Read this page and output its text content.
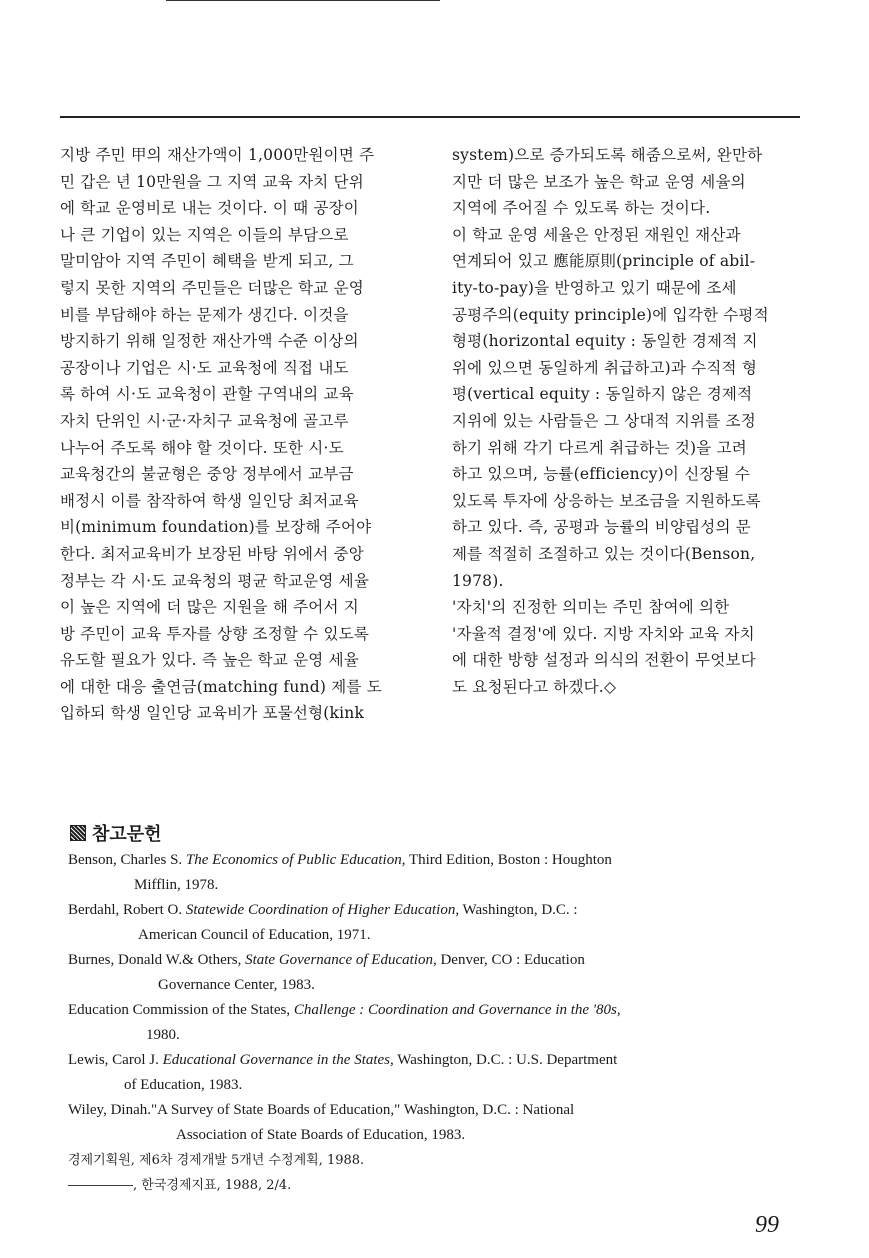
지방 주민 甲의 재산가액이 1,000만원이면 주
민 갑은 년 10만원을 그 지역 교육 자치 단위
에 학교 운영비로 내는 것이다. 이 때 공장이
나 큰 기업이 있는 지역은 이들의 부담으로
말미암아 지역 주민이 혜택을 받게 되고, 그
렇지 못한 지역의 주민들은 더많은 학교 운영
비를 부담해야 하는 문제가 생긴다. 이것을
방지하기 위해 일정한 재산가액 수준 이상의
공장이나 기업은 시·도 교육청에 직접 내도
록 하여 시·도 교육청이 관할 구역내의 교육
자치 단위인 시·군·자치구 교육청에 골고루
나누어 주도록 해야 할 것이다. 또한 시·도
교육청간의 불균형은 중앙 정부에서 교부금
배정시 이를 참작하여 학생 일인당 최저교육
비(minimum foundation)를 보장해 주어야
한다. 최저교육비가 보장된 바탕 위에서 중앙
정부는 각 시·도 교육청의 평균 학교운영 세율
이 높은 지역에 더 많은 지원을 해 주어서 지
방 주민이 교육 투자를 상향 조정할 수 있도록
유도할 필요가 있다. 즉 높은 학교 운영 세율
에 대한 대응 출연금(matching fund) 제를 도
입하되 학생 일인당 교육비가 포물선형(kink
system)으로 증가되도록 해줌으로써, 완만하
지만 더 많은 보조가 높은 학교 운영 세율의
지역에 주어질 수 있도록 하는 것이다.
이 학교 운영 세율은 안정된 재원인 재산과
연계되어 있고 應能原則(principle of abil-
ity-to-pay)을 반영하고 있기 때문에 조세
공평주의(equity principle)에 입각한 수평적
형평(horizontal equity : 동일한 경제적 지
위에 있으면 동일하게 취급하고)과 수직적 형
평(vertical equity : 동일하지 않은 경제적
지위에 있는 사람들은 그 상대적 지위를 조정
하기 위해 각기 다르게 취급하는 것)을 고려
하고 있으며, 능률(efficiency)이 신장될 수
있도록 투자에 상응하는 보조금을 지원하도록
하고 있다. 즉, 공평과 능률의 비양립성의 문
제를 적절히 조절하고 있는 것이다(Benson,
1978).
'자치'의 진정한 의미는 주민 참여에 의한
'자율적 결정'에 있다. 지방 자치와 교육 자치
에 대한 방향 설정과 의식의 전환이 무엇보다
도 요청된다고 하겠다.◇
참고문헌
Benson, Charles S. The Economics of Public Education, Third Edition, Boston : Houghton
Mifflin, 1978.
Berdahl, Robert O. Statewide Coordination of Higher Education, Washington, D.C. :
American Council of Education, 1971.
Burnes, Donald W.& Others, State Governance of Education, Denver, CO : Education
Governance Center, 1983.
Education Commission of the States, Challenge : Coordination and Governance in the '80s,
1980.
Lewis, Carol J. Educational Governance in the States, Washington, D.C. : U.S. Department
of Education, 1983.
Wiley, Dinah."A Survey of State Boards of Education," Washington, D.C. : National
Association of State Boards of Education, 1983.
경제기획원, 제6차 경제개발 5개년 수정계획, 1988.
―――――, 한국경제지표, 1988, 2/4.
99
